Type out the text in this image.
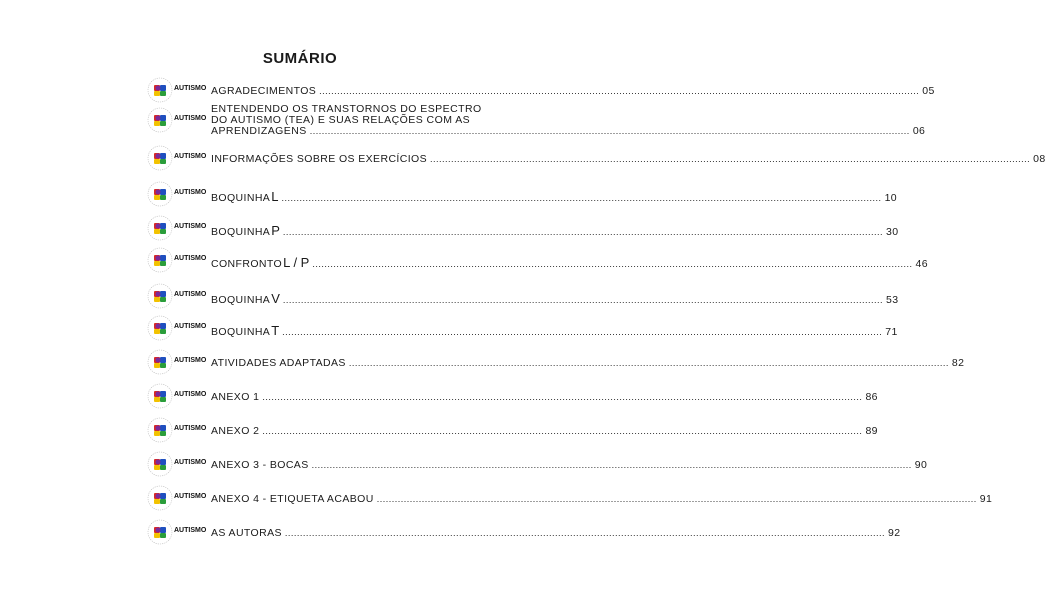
SUMÁRIO
AUTISMO AGRADECIMENTOS ........................................................................................................................................................................................................ 05
AUTISMO
ENTENDENDO OS TRANSTORNOS DO ESPECTRO
DO AUTISMO (TEA) E SUAS RELAÇÕES COM AS
APRENDIZAGENS ........................................................................................................................................................................................................ 06
AUTISMO INFORMAÇÕES SOBRE OS EXERCÍCIOS ........................................................................................................................................................................................................ 08
AUTISMO BOQUINHA L ........................................................................................................................................................................................................ 10
AUTISMO BOQUINHA P ........................................................................................................................................................................................................ 30
AUTISMO CONFRONTO L / P ........................................................................................................................................................................................................ 46
AUTISMO BOQUINHA V ........................................................................................................................................................................................................ 53
AUTISMO BOQUINHA T ........................................................................................................................................................................................................ 71
AUTISMO ATIVIDADES ADAPTADAS ........................................................................................................................................................................................................ 82
AUTISMO ANEXO 1 ........................................................................................................................................................................................................ 86
AUTISMO ANEXO 2 ........................................................................................................................................................................................................ 89
AUTISMO ANEXO 3 - BOCAS ........................................................................................................................................................................................................ 90
AUTISMO ANEXO 4 - ETIQUETA ACABOU ........................................................................................................................................................................................................ 91
AUTISMO AS AUTORAS ........................................................................................................................................................................................................ 92
